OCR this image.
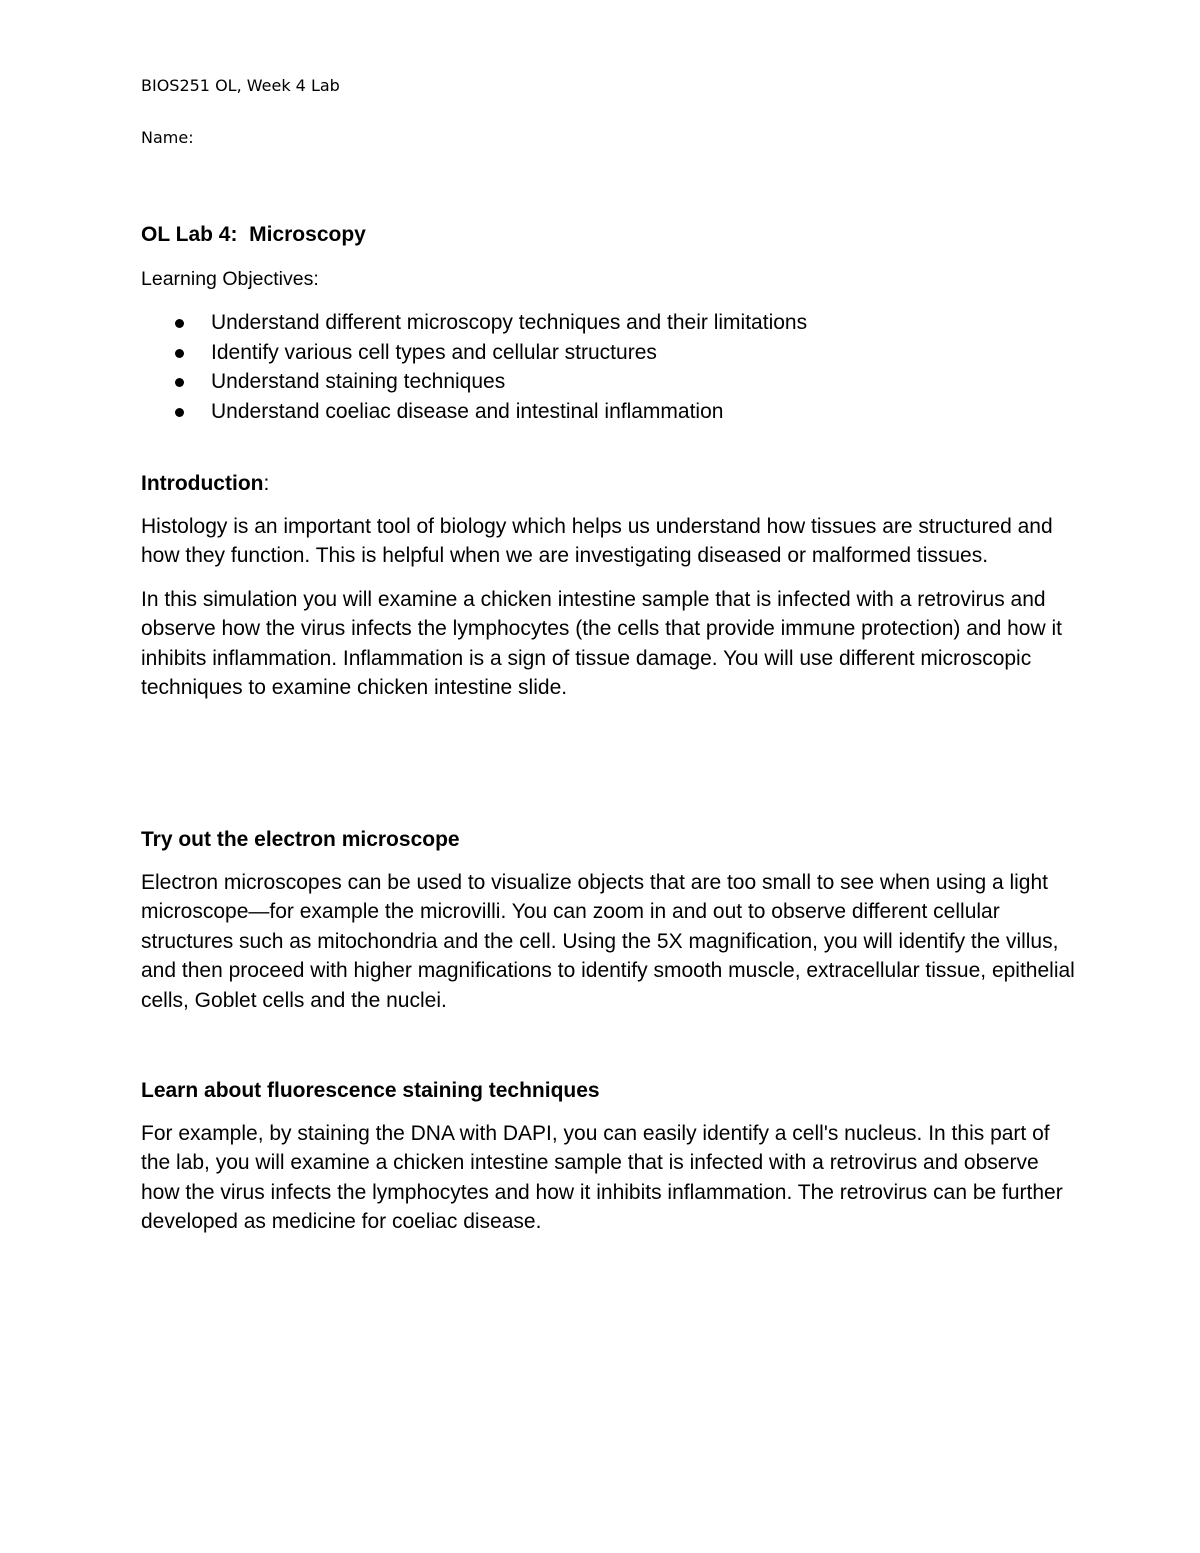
BIOS251 OL, Week 4 Lab
Name:
OL Lab 4:  Microscopy
Learning Objectives:
Understand different microscopy techniques and their limitations
Identify various cell types and cellular structures
Understand staining techniques
Understand coeliac disease and intestinal inflammation
Introduction:

Histology is an important tool of biology which helps us understand how tissues are structured and how they function. This is helpful when we are investigating diseased or malformed tissues.

In this simulation you will examine a chicken intestine sample that is infected with a retrovirus and observe how the virus infects the lymphocytes (the cells that provide immune protection) and how it inhibits inflammation. Inflammation is a sign of tissue damage. You will use different microscopic techniques to examine chicken intestine slide.

Try out the electron microscope

Electron microscopes can be used to visualize objects that are too small to see when using a light microscope—for example the microvilli. You can zoom in and out to observe different cellular structures such as mitochondria and the cell. Using the 5X magnification, you will identify the villus, and then proceed with higher magnifications to identify smooth muscle, extracellular tissue, epithelial cells, Goblet cells and the nuclei.

Learn about fluorescence staining techniques

For example, by staining the DNA with DAPI, you can easily identify a cell's nucleus. In this part of the lab, you will examine a chicken intestine sample that is infected with a retrovirus and observe how the virus infects the lymphocytes and how it inhibits inflammation. The retrovirus can be further developed as medicine for coeliac disease.
